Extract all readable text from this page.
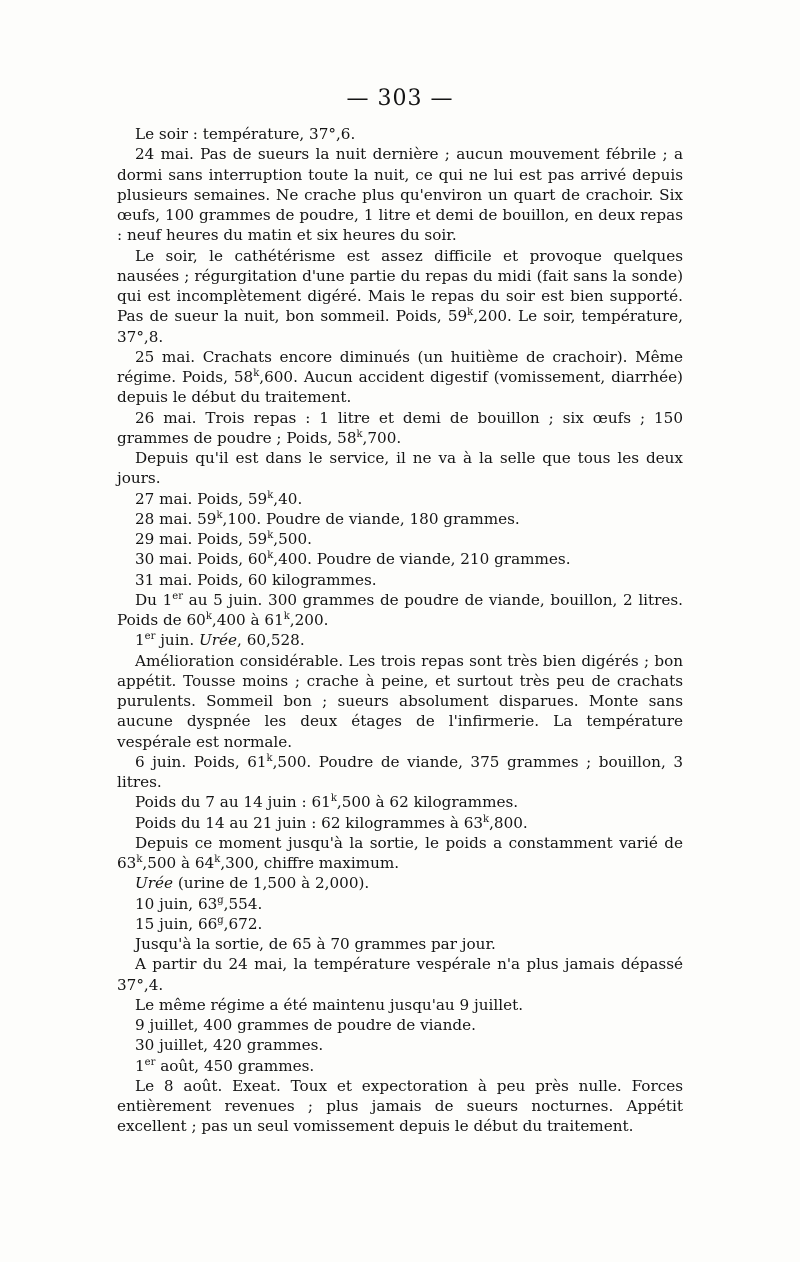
— 303 —

Le soir : température, 37°,6.

24 mai. Pas de sueurs la nuit dernière ; aucun mouvement fébrile ; a dormi sans interruption toute la nuit, ce qui ne lui est pas arrivé depuis plusieurs semaines. Ne crache plus qu'environ un quart de crachoir. Six œufs, 100 grammes de poudre, 1 litre et demi de bouillon, en deux repas : neuf heures du matin et six heures du soir.

Le soir, le cathétérisme est assez difficile et provoque quelques nausées ; régurgitation d'une partie du repas du midi (fait sans la sonde) qui est incomplètement digéré. Mais le repas du soir est bien supporté. Pas de sueur la nuit, bon sommeil. Poids, 59$^k$,200. Le soir, température, 37°,8.

25 mai. Crachats encore diminués (un huitième de crachoir). Même régime. Poids, 58$^k$,600. Aucun accident digestif (vomissement, diarrhée) depuis le début du traitement.

26 mai. Trois repas : 1 litre et demi de bouillon ; six œufs ; 150 grammes de poudre ; Poids, 58$^k$,700.

Depuis qu'il est dans le service, il ne va à la selle que tous les deux jours.

27 mai. Poids, 59$^k$,40.

28 mai. 59$^k$,100. Poudre de viande, 180 grammes.

29 mai. Poids, 59$^k$,500.

30 mai. Poids, 60$^k$,400. Poudre de viande, 210 grammes.

31 mai. Poids, 60 kilogrammes.

Du 1er au 5 juin. 300 grammes de poudre de viande, bouillon, 2 litres. Poids de 60$^k$,400 à 61$^k$,200.

1er juin. Urée, 60,528.

Amélioration considérable. Les trois repas sont très bien digérés ; bon appétit. Tousse moins ; crache à peine, et surtout très peu de crachats purulents. Sommeil bon ; sueurs absolument disparues. Monte sans aucune dyspnée les deux étages de l'infirmerie. La température vespérale est normale.

6 juin. Poids, 61$^k$,500. Poudre de viande, 375 grammes ; bouillon, 3 litres.

Poids du 7 au 14 juin : 61$^k$,500 à 62 kilogrammes.

Poids du 14 au 21 juin : 62 kilogrammes à 63$^k$,800.

Depuis ce moment jusqu'à la sortie, le poids a constamment varié de 63$^k$,500 à 64$^k$,300, chiffre maximum.

Urée (urine de 1,500 à 2,000).

10 juin, 63$^g$,554.

15 juin, 66$^g$,672.

Jusqu'à la sortie, de 65 à 70 grammes par jour.

A partir du 24 mai, la température vespérale n'a plus jamais dépassé 37°,4.

Le même régime a été maintenu jusqu'au 9 juillet.

9 juillet, 400 grammes de poudre de viande.

30 juillet, 420 grammes.

1er août, 450 grammes.

Le 8 août. Exeat. Toux et expectoration à peu près nulle. Forces entièrement revenues ; plus jamais de sueurs nocturnes. Appétit excellent ; pas un seul vomissement depuis le début du traitement.
